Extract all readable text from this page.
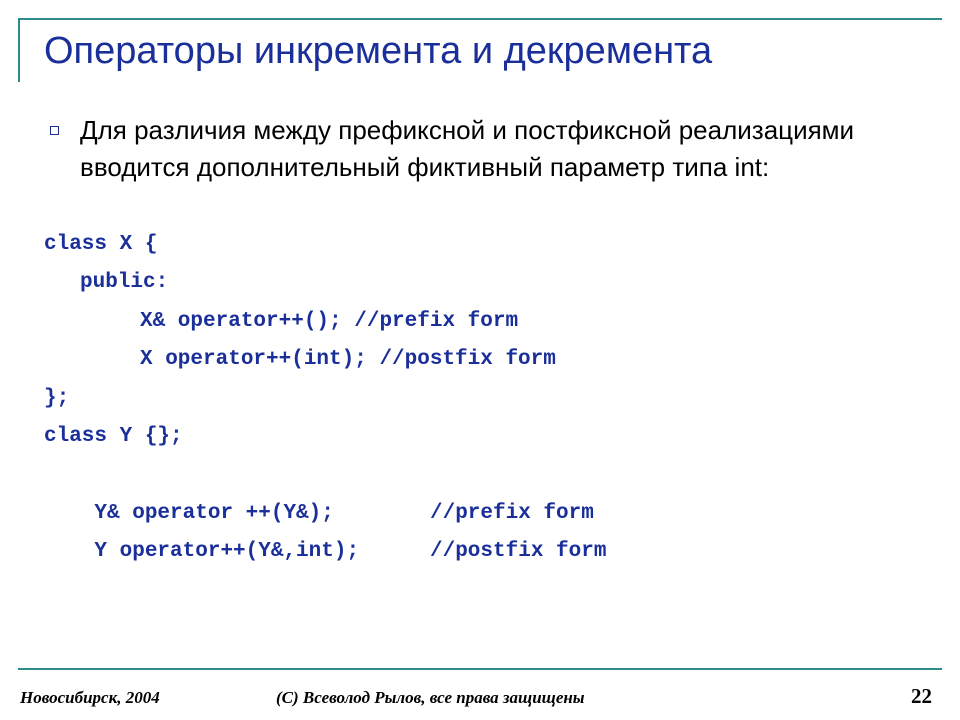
Операторы инкремента и декремента

Для различия между префиксной и постфиксной реализациями вводится дополнительный фиктивный параметр типа int:

class X {
public:
X& operator++(); //prefix form
X operator++(int); //postfix form
};
class Y {};

Y& operator ++(Y&);	//prefix form

Y operator++(Y&,int);	//postfix form

Новосибирск, 2004	(C) Всеволод Рылов, все права защищены	22
